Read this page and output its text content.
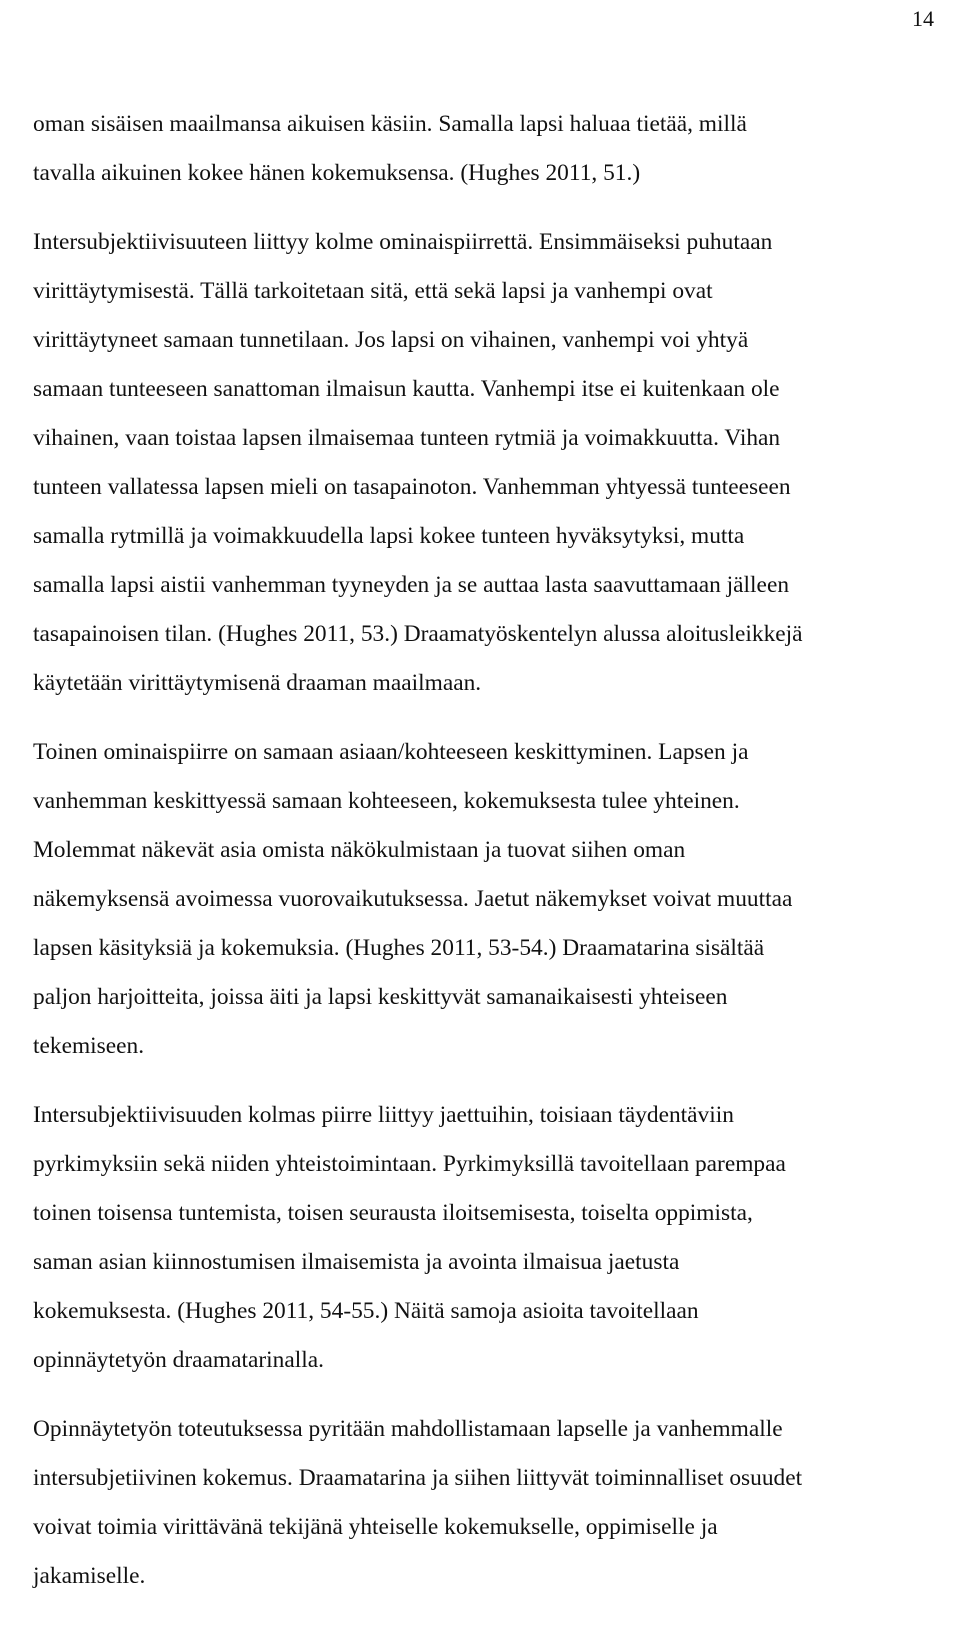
14

oman sisäisen maailmansa aikuisen käsiin. Samalla lapsi haluaa tietää, millä
tavalla aikuinen kokee hänen kokemuksensa. (Hughes 2011, 51.)

Intersubjektiivisuuteen liittyy kolme ominaispiirrettä. Ensimmäiseksi puhutaan
virittäytymisestä. Tällä tarkoitetaan sitä, että sekä lapsi ja vanhempi ovat
virittäytyneet samaan tunnetilaan. Jos lapsi on vihainen, vanhempi voi yhtyä
samaan tunteeseen sanattoman ilmaisun kautta. Vanhempi itse ei kuitenkaan ole
vihainen, vaan toistaa lapsen ilmaisemaa tunteen rytmiä ja voimakkuutta. Vihan
tunteen vallatessa lapsen mieli on tasapainoton. Vanhemman yhtyessä tunteeseen
samalla rytmillä ja voimakkuudella lapsi kokee tunteen hyväksytyksi, mutta
samalla lapsi aistii vanhemman tyyneyden ja se auttaa lasta saavuttamaan jälleen
tasapainoisen tilan. (Hughes 2011, 53.) Draamatyöskentelyn alussa aloitusleikkejä
käytetään virittäytymisenä draaman maailmaan.

Toinen ominaispiirre on samaan asiaan/kohteeseen keskittyminen. Lapsen ja
vanhemman keskittyessä samaan kohteeseen, kokemuksesta tulee yhteinen.
Molemmat näkevät asia omista näkökulmistaan ja tuovat siihen oman
näkemyksensä avoimessa vuorovaikutuksessa. Jaetut näkemykset voivat muuttaa
lapsen käsityksiä ja kokemuksia. (Hughes 2011, 53-54.) Draamatarina sisältää
paljon harjoitteita, joissa äiti ja lapsi keskittyvät samanaikaisesti yhteiseen
tekemiseen.

Intersubjektiivisuuden kolmas piirre liittyy jaettuihin, toisiaan täydentäviin
pyrkimyksiin sekä niiden yhteistoimintaan. Pyrkimyksillä tavoitellaan parempaa
toinen toisensa tuntemista, toisen seurausta iloitsemisesta, toiselta oppimista,
saman asian kiinnostumisen ilmaisemista ja avointa ilmaisua jaetusta
kokemuksesta. (Hughes 2011, 54-55.) Näitä samoja asioita tavoitellaan
opinnäytetyön draamatarinalla.

Opinnäytetyön toteutuksessa pyritään mahdollistamaan lapselle ja vanhemmalle
intersubjetiivinen kokemus. Draamatarina ja siihen liittyvät toiminnalliset osuudet
voivat toimia virittävänä tekijänä yhteiselle kokemukselle, oppimiselle ja
jakamiselle.
